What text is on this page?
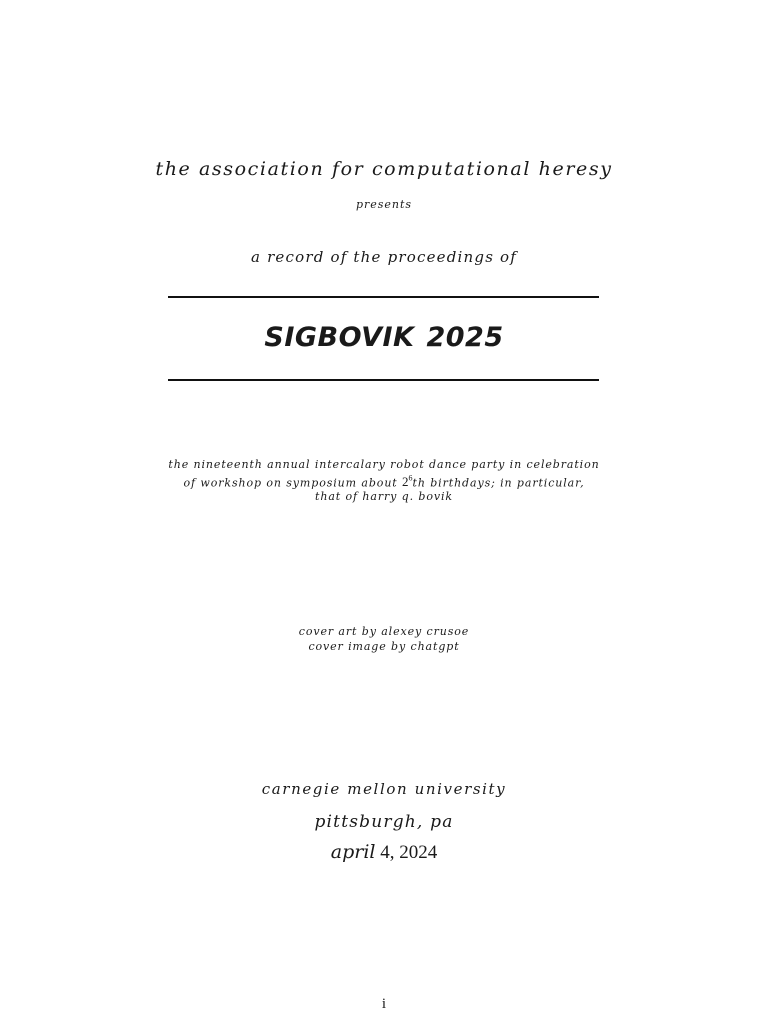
the association for computational heresy
presents
a record of the proceedings of
SIGBOVIK 2025
the nineteenth annual intercalary robot dance party in celebration
of workshop on symposium about $2^6th$ birthdays; in particular,
that of harry q. bovik
cover art by alexey crusoe
cover image by chatgpt
carnegie mellon university
pittsburgh, pa
april 4, 2024
i
